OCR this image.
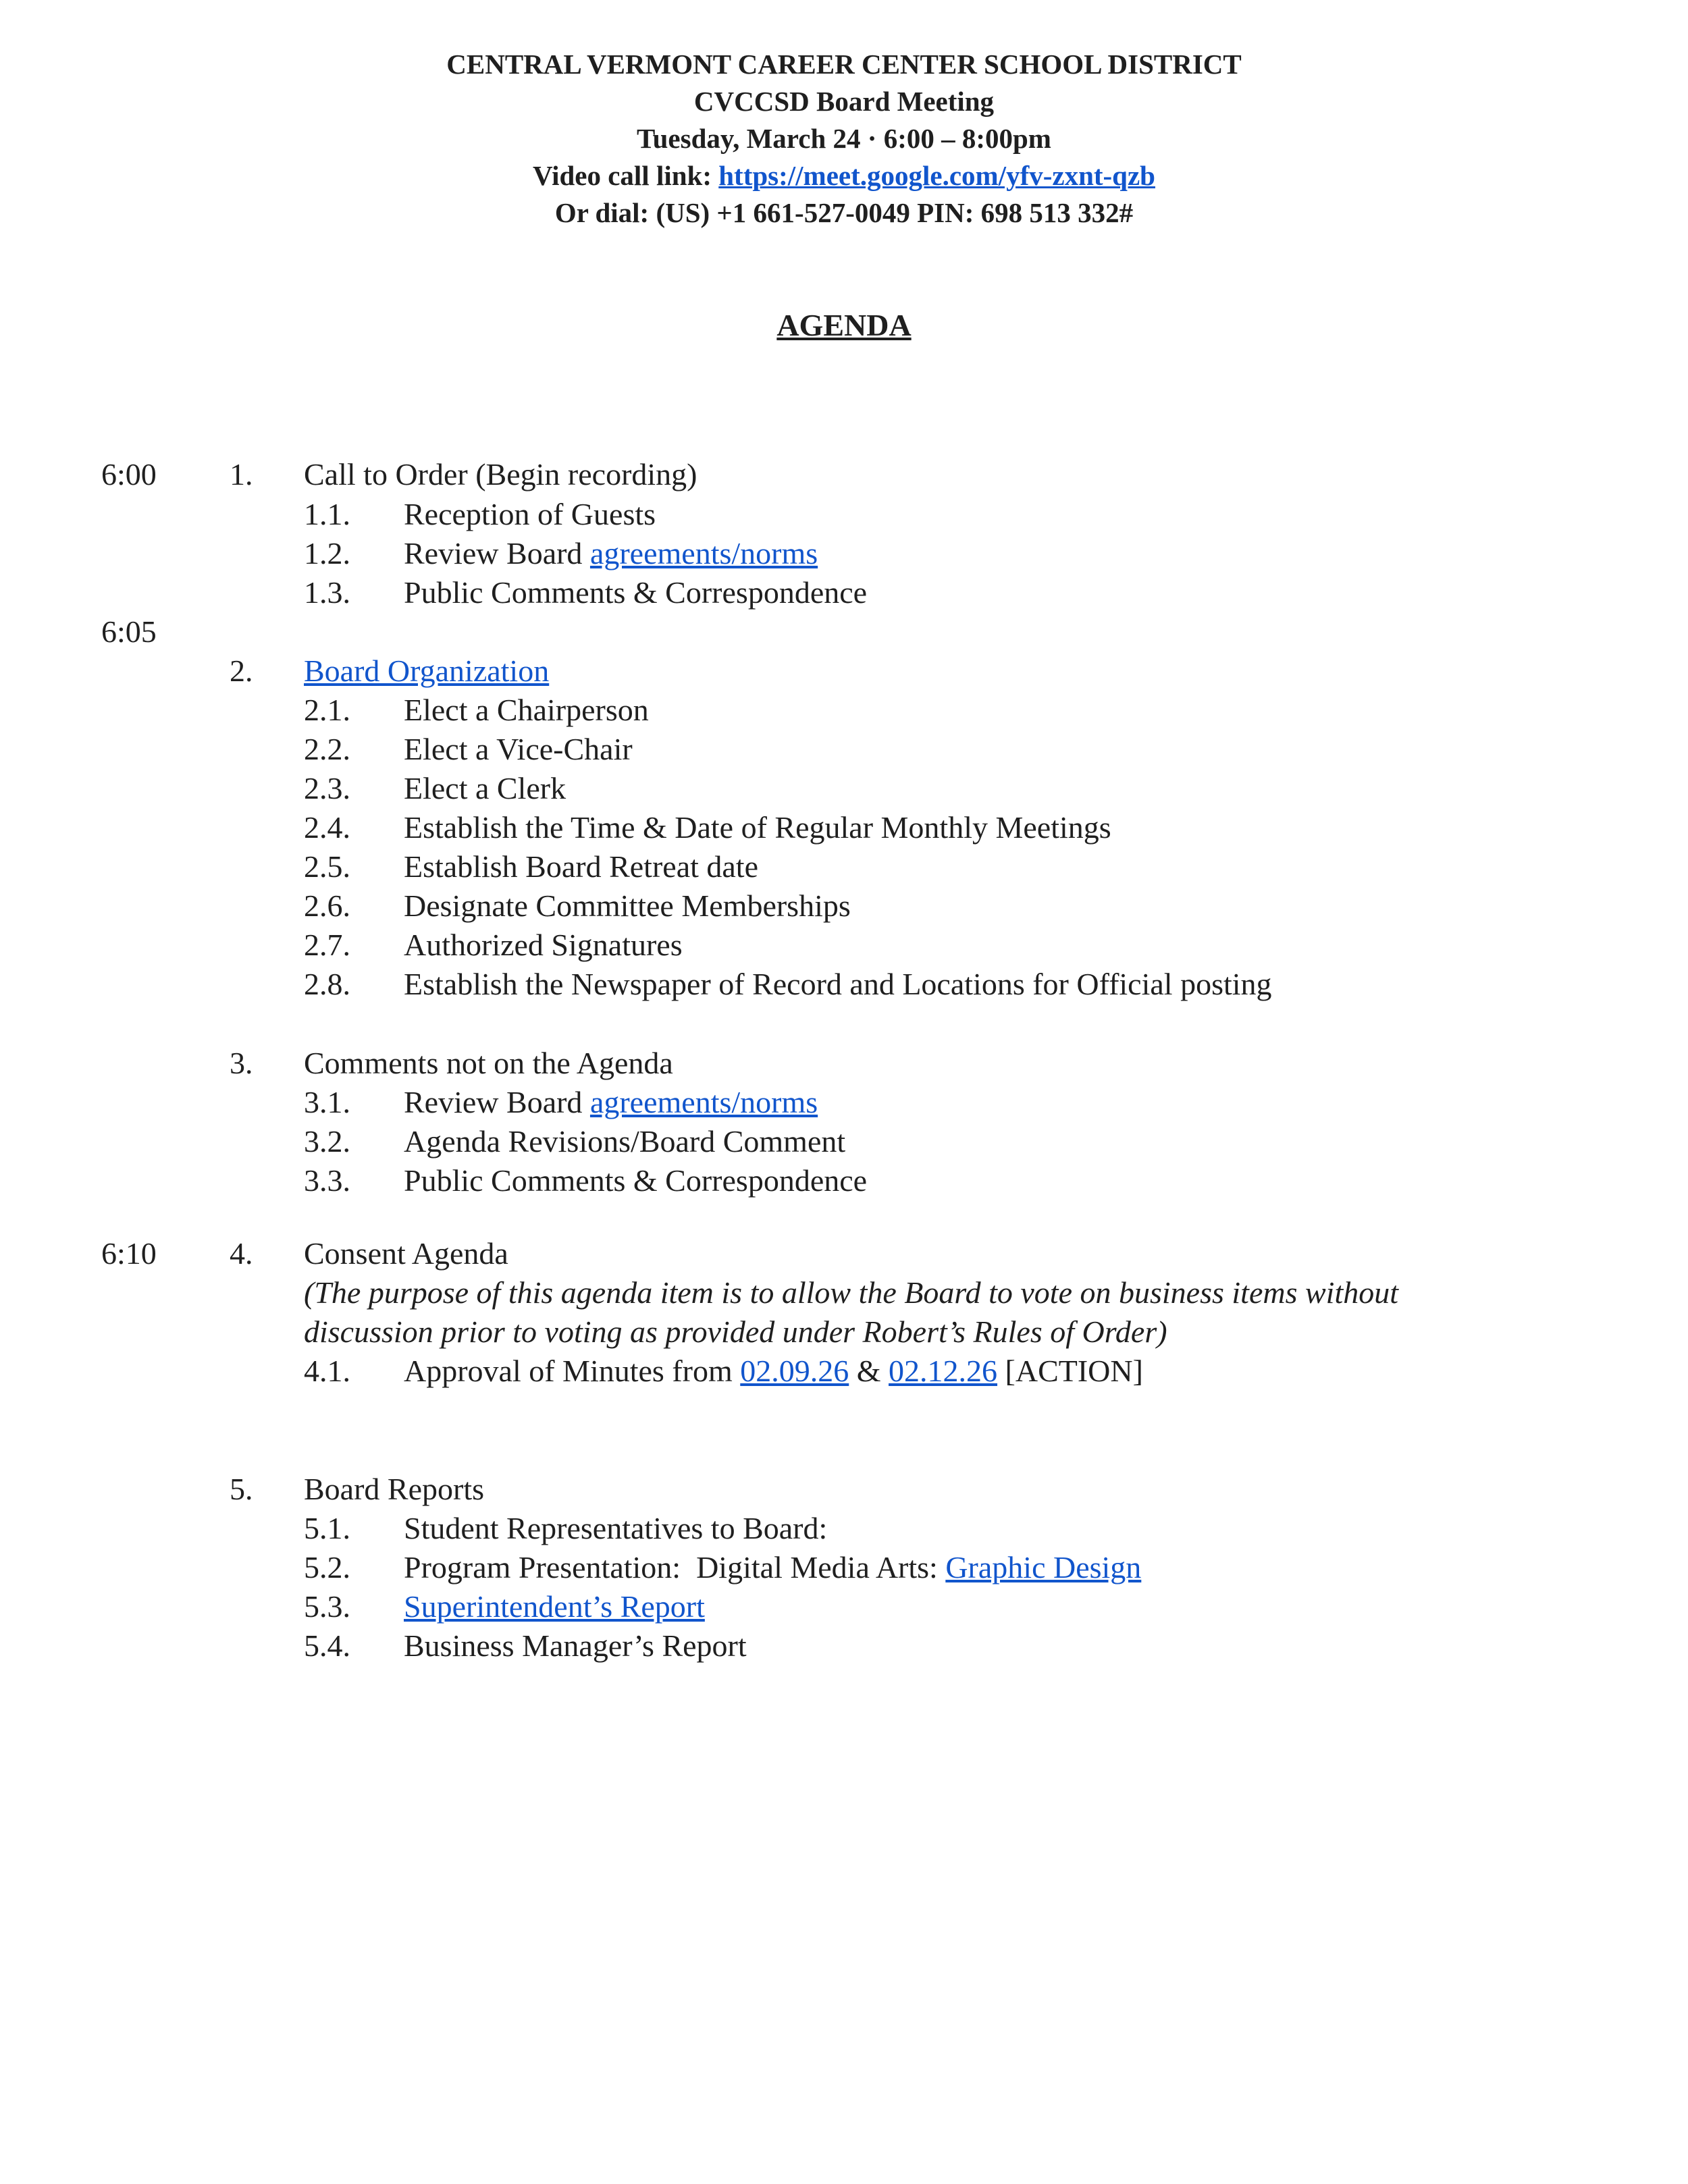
CENTRAL VERMONT CAREER CENTER SCHOOL DISTRICT
CVCCSD Board Meeting
Tuesday, March 24 · 6:00 – 8:00pm
Video call link: https://meet.google.com/yfv-zxnt-qzb
Or dial: (US) +1 661-527-0049 PIN: 698 513 332#
AGENDA
6:00
6:05
6:10
1. Call to Order (Begin recording)
1.1. Reception of Guests
1.2. Review Board agreements/norms
1.3. Public Comments & Correspondence
2. Board Organization
2.1. Elect a Chairperson
2.2. Elect a Vice-Chair
2.3. Elect a Clerk
2.4. Establish the Time & Date of Regular Monthly Meetings
2.5. Establish Board Retreat date
2.6. Designate Committee Memberships
2.7. Authorized Signatures
2.8. Establish the Newspaper of Record and Locations for Official posting
3. Comments not on the Agenda
3.1. Review Board agreements/norms
3.2. Agenda Revisions/Board Comment
3.3. Public Comments & Correspondence
4. Consent Agenda
(The purpose of this agenda item is to allow the Board to vote on business items without
discussion prior to voting as provided under Robert’s Rules of Order)
4.1. Approval of Minutes from 02.09.26 & 02.12.26 [ACTION]
5. Board Reports
5.1. Student Representatives to Board:
5.2. Program Presentation:  Digital Media Arts: Graphic Design
5.3. Superintendent’s Report
5.4. Business Manager’s Report
